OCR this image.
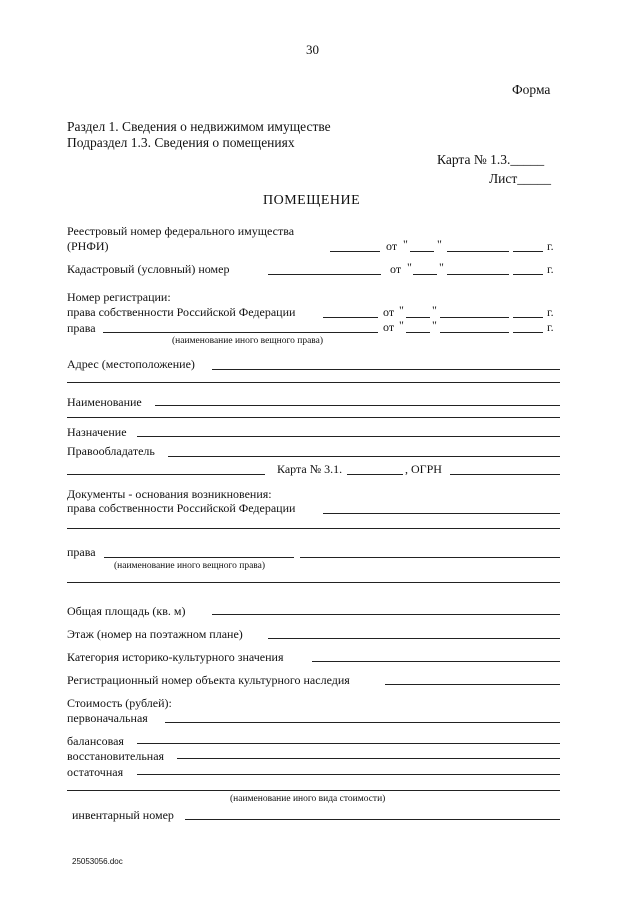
30
Форма
Раздел 1. Сведения о недвижимом имуществе
Подраздел 1.3. Сведения о помещениях
Карта № 1.3._____
Лист_____
ПОМЕЩЕНИЕ
Реестровый номер федерального имущества
(РНФИ)	от " "	г.
Кадастровый (условный) номер	от " "	г.
Номер регистрации:
права собственности Российской Федерации	от " "	г.
права	от " "	г.
(наименование иного вещного права)
Адрес (местоположение)
Наименование
Назначение
Правообладатель
Карта № 3.1.	, ОГРН
Документы - основания возникновения:
права собственности Российской Федерации
права
(наименование иного вещного права)
Общая площадь (кв. м)
Этаж (номер на поэтажном плане)
Категория историко-культурного значения
Регистрационный номер объекта культурного наследия
Стоимость (рублей):
первоначальная
балансовая
восстановительная
остаточная
(наименование иного вида стоимости)
инвентарный номер
25053056.doc
